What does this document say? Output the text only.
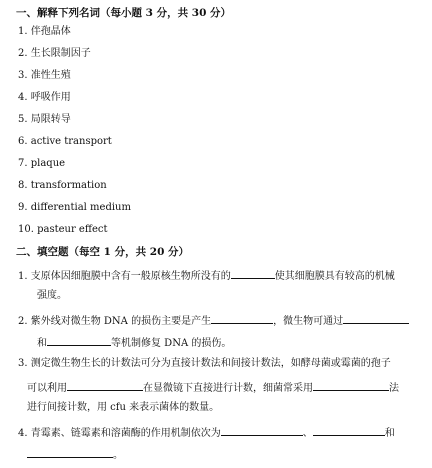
一、解释下列名词（每小题 3 分，共 30 分）
1. 伴孢晶体
2. 生长限制因子
3. 准性生殖
4. 呼吸作用
5. 局限转导
6. active transport
7. plaque
8. transformation
9. differential medium
10. pasteur effect
二、填空题（每空 1 分，共 20 分）
1. 支原体因细胞膜中含有一般原核生物所没有的	使其细胞膜具有较高的机械
强度。
2. 紫外线对微生物 DNA 的损伤主要是产生	，微生物可通过
和	等机制修复 DNA 的损伤。
3. 测定微生物生长的计数法可分为直接计数法和间接计数法，如酵母菌或霉菌的孢子
可以利用	在显微镜下直接进行计数，细菌常采用	法
进行间接计数，用 cfu 来表示菌体的数量。
4. 青霉素、链霉素和溶菌酶的作用机制依次为	、	和
。
